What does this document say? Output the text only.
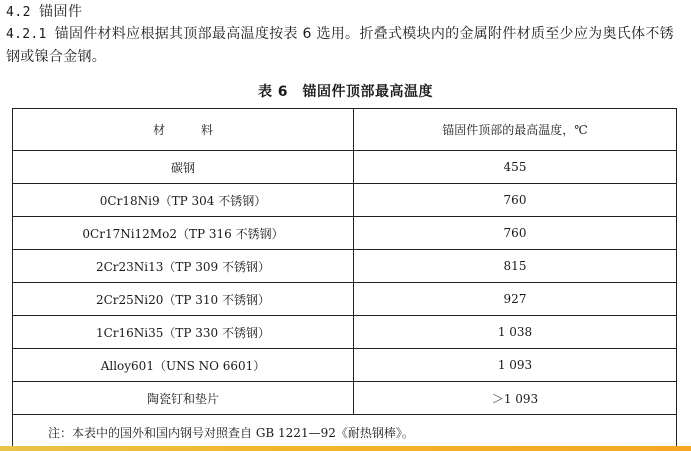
4.2 锚固件
4.2.1 锚固件材料应根据其顶部最高温度按表 6 选用。折叠式模块内的金属附件材质至少应为奥氏体不锈钢或镍合金钢。
表 6　锚固件顶部最高温度
材　　　料	锚固件顶部的最高温度，℃
碳钢	455
0Cr18Ni9（TP 304 不锈钢）	760
0Cr17Ni12Mo2（TP 316 不锈钢）	760
2Cr23Ni13（TP 309 不锈钢）	815
2Cr25Ni20（TP 310 不锈钢）	927
1Cr16Ni35（TP 330 不锈钢）	1 038
Alloy601（UNS NO 6601）	1 093
陶瓷钉和垫片	＞1 093
注：本表中的国外和国内钢号对照查自 GB 1221—92《耐热钢棒》。	
